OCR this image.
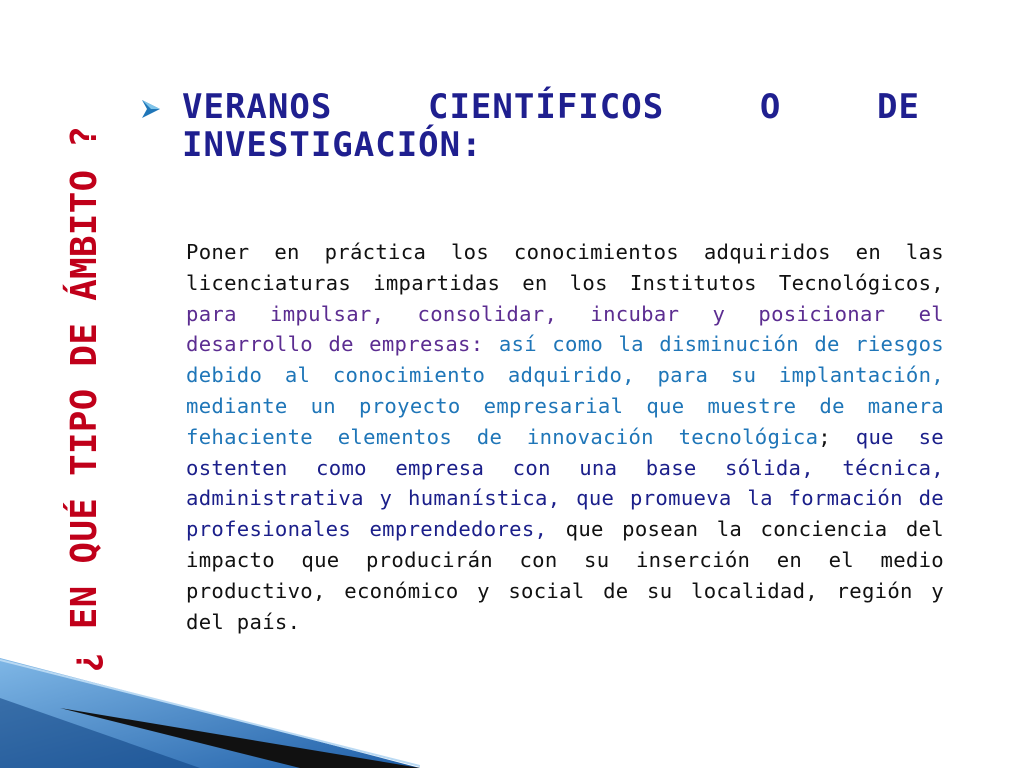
¿ EN QUÉ TIPO DE ÁMBITO ?
VERANOS CIENTÍFICOS O DE INVESTIGACIÓN:

Poner en práctica los conocimientos adquiridos en las licenciaturas impartidas en los Institutos Tecnológicos, para impulsar, consolidar, incubar y posicionar el desarrollo de empresas: así como la disminución de riesgos debido al conocimiento adquirido, para su implantación, mediante un proyecto empresarial que muestre de manera fehaciente elementos de innovación tecnológica; que se ostenten como empresa con una base sólida, técnica, administrativa y humanística, que promueva la formación de profesionales emprendedores, que posean la conciencia del impacto que producirán con su inserción en el medio productivo, económico y social de su localidad, región y del país.
